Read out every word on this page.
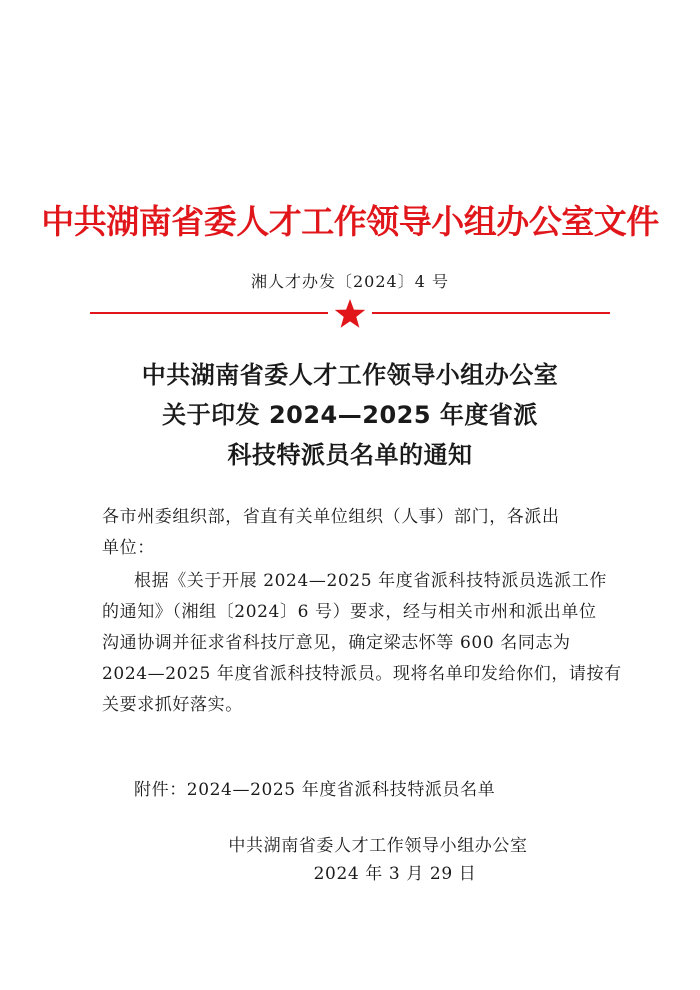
中共湖南省委人才工作领导小组办公室文件
湘人才办发〔2024〕4 号
中共湖南省委人才工作领导小组办公室
关于印发 2024—2025 年度省派
科技特派员名单的通知
各市州委组织部，省直有关单位组织（人事）部门，各派出
单位：
根据《关于开展 2024—2025 年度省派科技特派员选派工作
的通知》（湘组〔2024〕6 号）要求，经与相关市州和派出单位
沟通协调并征求省科技厅意见，确定梁志怀等 600 名同志为
2024—2025 年度省派科技特派员。现将名单印发给你们，请按有
关要求抓好落实。
附件：2024—2025 年度省派科技特派员名单
中共湖南省委人才工作领导小组办公室
2024 年 3 月 29 日
